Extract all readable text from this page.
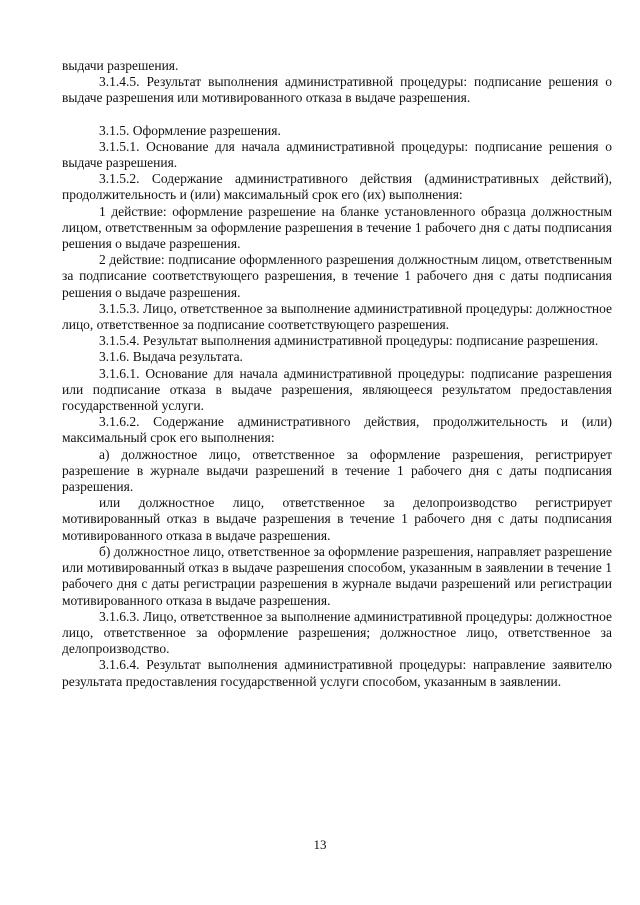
выдачи разрешения.

3.1.4.5. Результат выполнения административной процедуры: подписание решения о выдаче разрешения или мотивированного отказа в выдаче разрешения.

3.1.5. Оформление разрешения.

3.1.5.1. Основание для начала административной процедуры: подписание решения о выдаче разрешения.

3.1.5.2. Содержание административного действия (административных действий), продолжительность и (или) максимальный срок его (их) выполнения:

1 действие: оформление разрешение на бланке установленного образца должностным лицом, ответственным за оформление разрешения в течение 1 рабочего дня с даты подписания решения о выдаче разрешения.

2 действие: подписание оформленного разрешения должностным лицом, ответственным за подписание соответствующего разрешения, в течение 1 рабочего дня с даты подписания решения о выдаче разрешения.

3.1.5.3. Лицо, ответственное за выполнение административной процедуры: должностное лицо, ответственное за подписание соответствующего разрешения.

3.1.5.4. Результат выполнения административной процедуры: подписание разрешения.

3.1.6. Выдача результата.

3.1.6.1. Основание для начала административной процедуры: подписание разрешения или подписание отказа в выдаче разрешения, являющееся результатом предоставления государственной услуги.

3.1.6.2. Содержание административного действия, продолжительность и (или) максимальный срок его выполнения:

а) должностное лицо, ответственное за оформление разрешения, регистрирует разрешение в журнале выдачи разрешений в течение 1 рабочего дня с даты подписания разрешения.

или должностное лицо, ответственное за делопроизводство регистрирует мотивированный отказ в выдаче разрешения в течение 1 рабочего дня с даты подписания мотивированного отказа в выдаче разрешения.

б) должностное лицо, ответственное за оформление разрешения, направляет разрешение или мотивированный отказ в выдаче разрешения способом, указанным в заявлении в течение 1 рабочего дня с даты регистрации разрешения в журнале выдачи разрешений или регистрации мотивированного отказа в выдаче разрешения.

3.1.6.3. Лицо, ответственное за выполнение административной процедуры: должностное лицо, ответственное за оформление разрешения; должностное лицо, ответственное за делопроизводство.

3.1.6.4. Результат выполнения административной процедуры: направление заявителю результата предоставления государственной услуги способом, указанным в заявлении.

13
